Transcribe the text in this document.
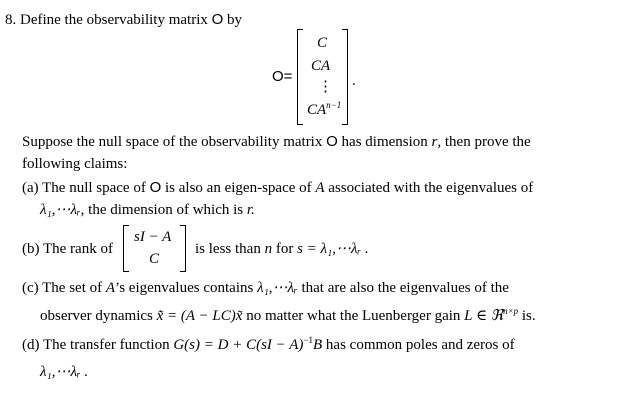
8. Define the observability matrix O by
O=
C
CA
⋮
$CA^{n-1}$
.
Suppose the null space of the observability matrix O has dimension r, then prove the
following claims:
(a) The null space of O is also an eigen-space of A associated with the eigenvalues of
λ₁,⋯λᵣ, the dimension of which is r.
(b) The rank of
sI − A
C
is less than n for s = λ₁,⋯λᵣ .
(c) The set of A’s eigenvalues contains λ₁,⋯λᵣ that are also the eigenvalues of the
observer dynamics x̃̇ = (A − LC)x̃ no matter what the Luenberger gain L ∈ ℜ$^{n\times p}$ is.
(d) The transfer function G(s) = D + C(sI − A)$^{-1}$B has common poles and zeros of
λ₁,⋯λᵣ .
